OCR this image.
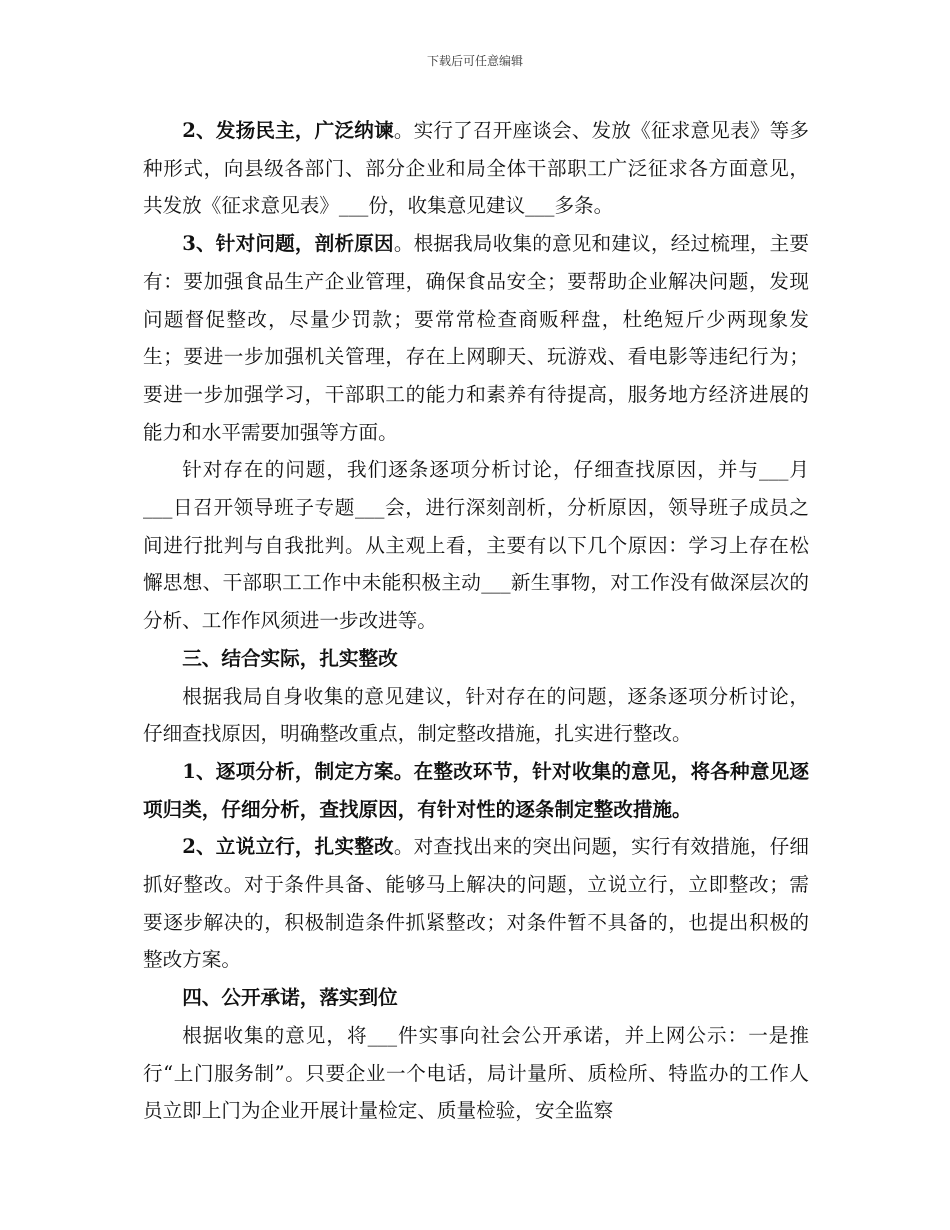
下载后可任意编辑

2、发扬民主，广泛纳谏。实行了召开座谈会、发放《征求意见表》等多种形式，向县级各部门、部分企业和局全体干部职工广泛征求各方面意见，共发放《征求意见表》___份，收集意见建议___多条。

3、针对问题，剖析原因。根据我局收集的意见和建议，经过梳理，主要有：要加强食品生产企业管理，确保食品安全；要帮助企业解决问题，发现问题督促整改，尽量少罚款；要常常检查商贩秤盘，杜绝短斤少两现象发生；要进一步加强机关管理，存在上网聊天、玩游戏、看电影等违纪行为；要进一步加强学习，干部职工的能力和素养有待提高，服务地方经济进展的能力和水平需要加强等方面。

针对存在的问题，我们逐条逐项分析讨论，仔细查找原因，并与___月___日召开领导班子专题___会，进行深刻剖析，分析原因，领导班子成员之间进行批判与自我批判。从主观上看，主要有以下几个原因：学习上存在松懈思想、干部职工工作中未能积极主动___新生事物，对工作没有做深层次的分析、工作作风须进一步改进等。

三、结合实际，扎实整改

根据我局自身收集的意见建议，针对存在的问题，逐条逐项分析讨论，仔细查找原因，明确整改重点，制定整改措施，扎实进行整改。

1、逐项分析，制定方案。在整改环节，针对收集的意见，将各种意见逐项归类，仔细分析，查找原因，有针对性的逐条制定整改措施。

2、立说立行，扎实整改。对查找出来的突出问题，实行有效措施，仔细抓好整改。对于条件具备、能够马上解决的问题，立说立行，立即整改；需要逐步解决的，积极制造条件抓紧整改；对条件暂不具备的，也提出积极的整改方案。

四、公开承诺，落实到位

根据收集的意见，将___件实事向社会公开承诺，并上网公示：一是推行“上门服务制”。只要企业一个电话，局计量所、质检所、特监办的工作人员立即上门为企业开展计量检定、质量检验，安全监察
